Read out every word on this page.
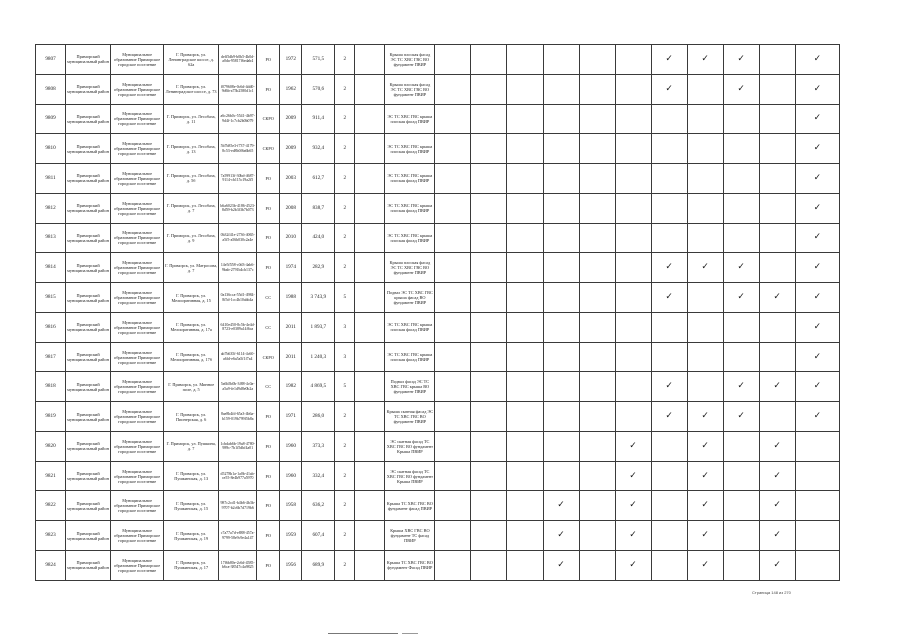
9807	Приморский муниципальный район	Муниципальное образование Приморское городское поселение	Г. Приморск, ул. Ленинградское шоссе, д. 62а	deff5db9-b0b5-4b0d-a0da-95817f6edab4	РО	1972	571,5	2		Крыша плоская фасад ЭС ТС ХВС ГВС ВО фундамент ПВИР							✓	✓	✓		✓
9808	Приморский муниципальный район	Муниципальное образование Приморское городское поселение	Г. Приморск, ул. Ленинградское шоссе, д. 73	f079608e-0c6d-4dd0-9d6b-a75b2580d1c1	РО	1962	570,6	2		Крыша плоская фасад ЭС ТС ХВС ГВС ВО фундамент ПВИР							✓		✓		✓
9809	Приморский муниципальный район	Муниципальное образование Приморское городское поселение	Г. Приморск, ул. Лесобаза, д. 11	a6c26b0c-5541-4b97-9d4f-1c7cb2b0b079	СКРО	2009	911,4	2		ЭС ТС ХВС ГВС крыша плоская фасад ПВИР											✓
9810	Приморский муниципальный район	Муниципальное образование Приморское городское поселение	Г. Приморск, ул. Лесобаза, д. 13	5b7b85e3-f737-4179-8c53-ed8b0f6a6b65	СКРО	2009	932,4	2		ЭС ТС ХВС ГВС крыша плоская фасад ПВИР											✓
9811	Приморский муниципальный район	Муниципальное образование Приморское городское поселение	Г. Приморск, ул. Лесобаза, д. 5б	7a59913f-30bd-4687-9114-cb115c19a2f5	РО	2003	612,7	2		ЭС ТС ХВС ГВС крыша плоская фасад ПВИР											✓
9812	Приморский муниципальный район	Муниципальное образование Приморское городское поселение	Г. Приморск, ул. Лесобаза, д. 7	b6a6023b-4186-4523-8d59-b2b3f3b7b073	РО	2008	838,7	2		ЭС ТС ХВС ГВС крыша плоская фасад ПВИР											✓
9813	Приморский муниципальный район	Муниципальное образование Приморское городское поселение	Г. Приморск, ул. Лесобаза, д. 9	0b32f41e-2736-4065-a5f5-a56b030c2a4e	РО	2010	424,0	2		ЭС ТС ХВС ГВС крыша плоская фасад ПВИР											✓
9814	Приморский муниципальный район	Муниципальное образование Приморское городское поселение	Г. Приморск, ул. Матросова, д. 7	14e5f558-c0d3-4ab6-9bab-2791b4cb137c	РО	1974	282,9	2		Крыша плоская фасад ЭС ТС ХВС ГВС ВО фундамент ПВИР							✓	✓	✓		✓
9815	Приморский муниципальный район	Муниципальное образование Приморское городское поселение	Г. Приморск, ул. Мелиоративная, д. 15	0a136cca-55d1-4984-8f5d-1cc4b10abb4a	СС	1988	3 743,9	5		Подвал ЭС ТС ХВС ГВС крыша фасад ВО фундамент ПВИР							✓		✓	✓	✓
9816	Приморский муниципальный район	Муниципальное образование Приморское городское поселение	Г. Приморск, ул. Мелиоративная, д. 17а	6410e450-8c5b-4e4d-8723-e0389a14f6ca	СС	2011	1 893,7	3		ЭС ТС ХВС ГВС крыша плоская фасад ПВИР											✓
9817	Приморский муниципальный район	Муниципальное образование Приморское городское поселение	Г. Приморск, ул. Мелиоративная, д. 17б	ab7b635f-6114-4c60-a6fd-e6a5a5f1f7a4	СКРО	2011	1 240,3	3		ЭС ТС ХВС ГВС крыша плоская фасад ПВИР											✓
9818	Приморский муниципальный район	Муниципальное образование Приморское городское поселение	Г. Приморск, ул. Минное поле, д. 5	5a6b5b0b-3f88-4c0a-a5a9-fe1d9d8e0b2a	СС	1982	4 869,5	5		Подвал фасад ЭС ТС ХВС ГВС крыша ВО фундамент ПВИР							✓		✓	✓	✓
9819	Приморский муниципальный район	Муниципальное образование Приморское городское поселение	Г. Приморск, ул. Пионерская, д. 6	8ae8b4fd-65a3-4b6a-b159-019b799f5b8a	РО	1971	286,0	2		Крыша скатная фасад ЭС ТС ХВС ГВС ВО фундамент ПВИР							✓	✓	✓		✓
9820	Приморский муниципальный район	Муниципальное образование Приморское городское поселение	Г. Приморск, ул. Пушкина, д. 7	1cbdab6b-19a8-4780-989c-7b1f5dbf4a01	РО	1960	373,3	2		ЭС скатная фасад ТС ХВС ГВС ВО фундамент Крыша ПВИР						✓		✓		✓	
9821	Приморский муниципальный район	Муниципальное образование Приморское городское поселение	Г. Приморск, ул. Пушкинская, д. 13	d5278b1a-1a0b-41ab-ce55-8e4b977a5970	РО	1960	332,4	2		ЭС скатная фасад ТС ХВС ГВС ВО фундамент Крыша ПВИР						✓		✓		✓	
9822	Приморский муниципальный район	Муниципальное образование Приморское городское поселение	Г. Приморск, ул. Пушкинская, д. 15	987c2cd1-b4b6-4b3b-9707-b2c6b7d719b6	РО	1958	636,2	2		Крыша ТС ХВС ГВС ВО фундамент фасад ПВИР				✓		✓		✓		✓	
9823	Приморский муниципальный район	Муниципальное образование Приморское городское поселение	Г. Приморск, ул. Пушкинская, д. 19	c7a77a7d-e888-457a-9799-58e9c9e4a147	РО	1959	607,4	2		Крыша ХВС ГВС ВО фундамент ТС фасад ПВИР				✓		✓		✓		✓	
9824	Приморский муниципальный район	Муниципальное образование Приморское городское поселение	Г. Приморск, ул. Пушкинская, д. 17	17f6b80e-2c6d-4585-b6ca-38547c4a9825	РО	1956	689,9	2		Крыша ТС ХВС ГВС ВО фундамент Фасад ПВИР				✓		✓		✓		✓	
Страница 148 из 270
